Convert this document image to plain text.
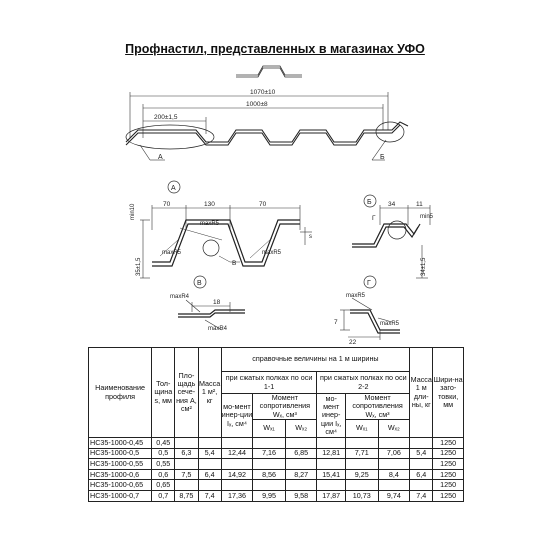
Профнастил, представленных в магазинах УФО
1070±10
1000±8
200±1,5
А	Б
А
min10	70	130	70
maxR5
maxR5	maxR5
35±1,5
s
В
Б	34	11
min5
Г
34±1,5
В
maxR4
18
maxR4
Г
maxR5
7	maxR5
22
Наименование профиля	Тол-щина s, мм	Пло-щадь сече-ния A, см²	Масса 1 м², кг	справочные величины на 1 м ширины						Масса 1 м дли-ны, кг	Шири-на заго-товки, мм
				при сжатых полках по оси 1-1			при сжатых полках по оси 2-2				
				мо-мент инер-ции Iₓ, см⁴	Момент сопротивления Wₓ, см³		мо-мент инер-ции Iₓ, см⁴	Момент сопротивления Wₓ, см³			
					Wₓ₁	Wₓ₂		Wₓ₁	Wₓ₂		
НС35-1000-0,45	0,45										1250
НС35-1000-0,5	0,5	6,3	5,4	12,44	7,16	6,85	12,81	7,71	7,06	5,4	1250
НС35-1000-0,55	0,55										1250
НС35-1000-0,6	0,6	7,5	6,4	14,92	8,56	8,27	15,41	9,25	8,4	6,4	1250
НС35-1000-0,65	0,65										1250
НС35-1000-0,7	0,7	8,75	7,4	17,36	9,95	9,58	17,87	10,73	9,74	7,4	1250
